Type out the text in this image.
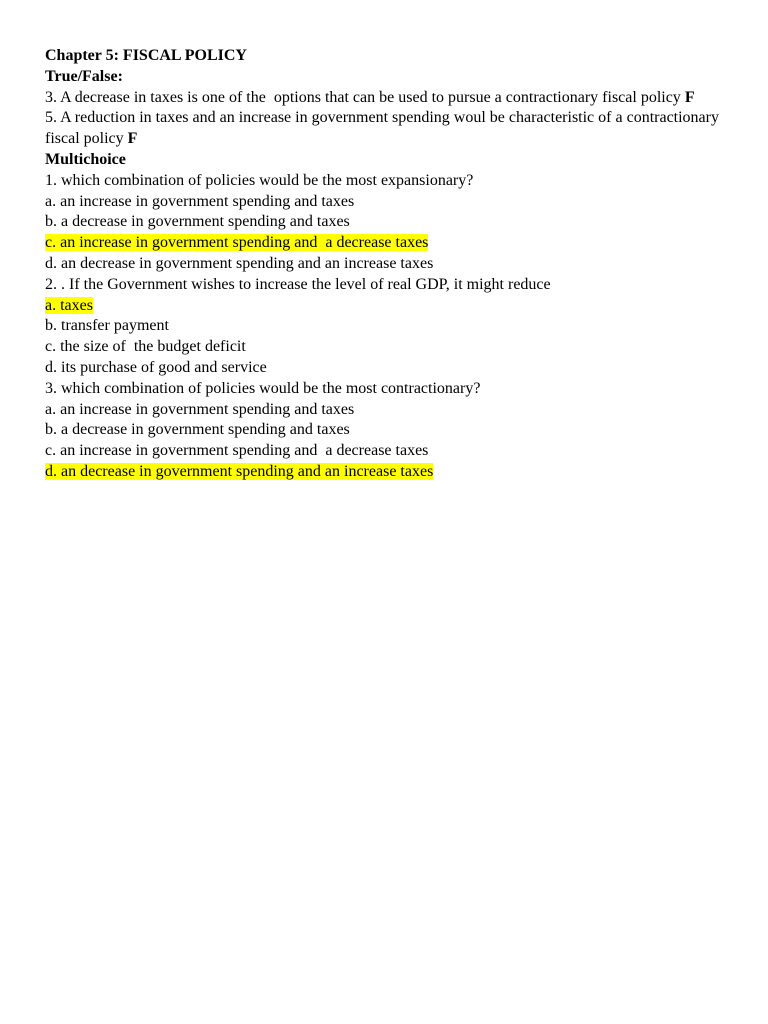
Chapter 5: FISCAL POLICY
True/False:
3. A decrease in taxes is one of the  options that can be used to pursue a contractionary fiscal policy F
5. A reduction in taxes and an increase in government spending woul be characteristic of a contractionary fiscal policy F
Multichoice
1. which combination of policies would be the most expansionary?
a. an increase in government spending and taxes
b. a decrease in government spending and taxes
c. an increase in government spending and  a decrease taxes
d. an decrease in government spending and an increase taxes
2. . If the Government wishes to increase the level of real GDP, it might reduce
a. taxes
b. transfer payment
c. the size of  the budget deficit
d. its purchase of good and service
3. which combination of policies would be the most contractionary?
a. an increase in government spending and taxes
b. a decrease in government spending and taxes
c. an increase in government spending and  a decrease taxes
d. an decrease in government spending and an increase taxes
